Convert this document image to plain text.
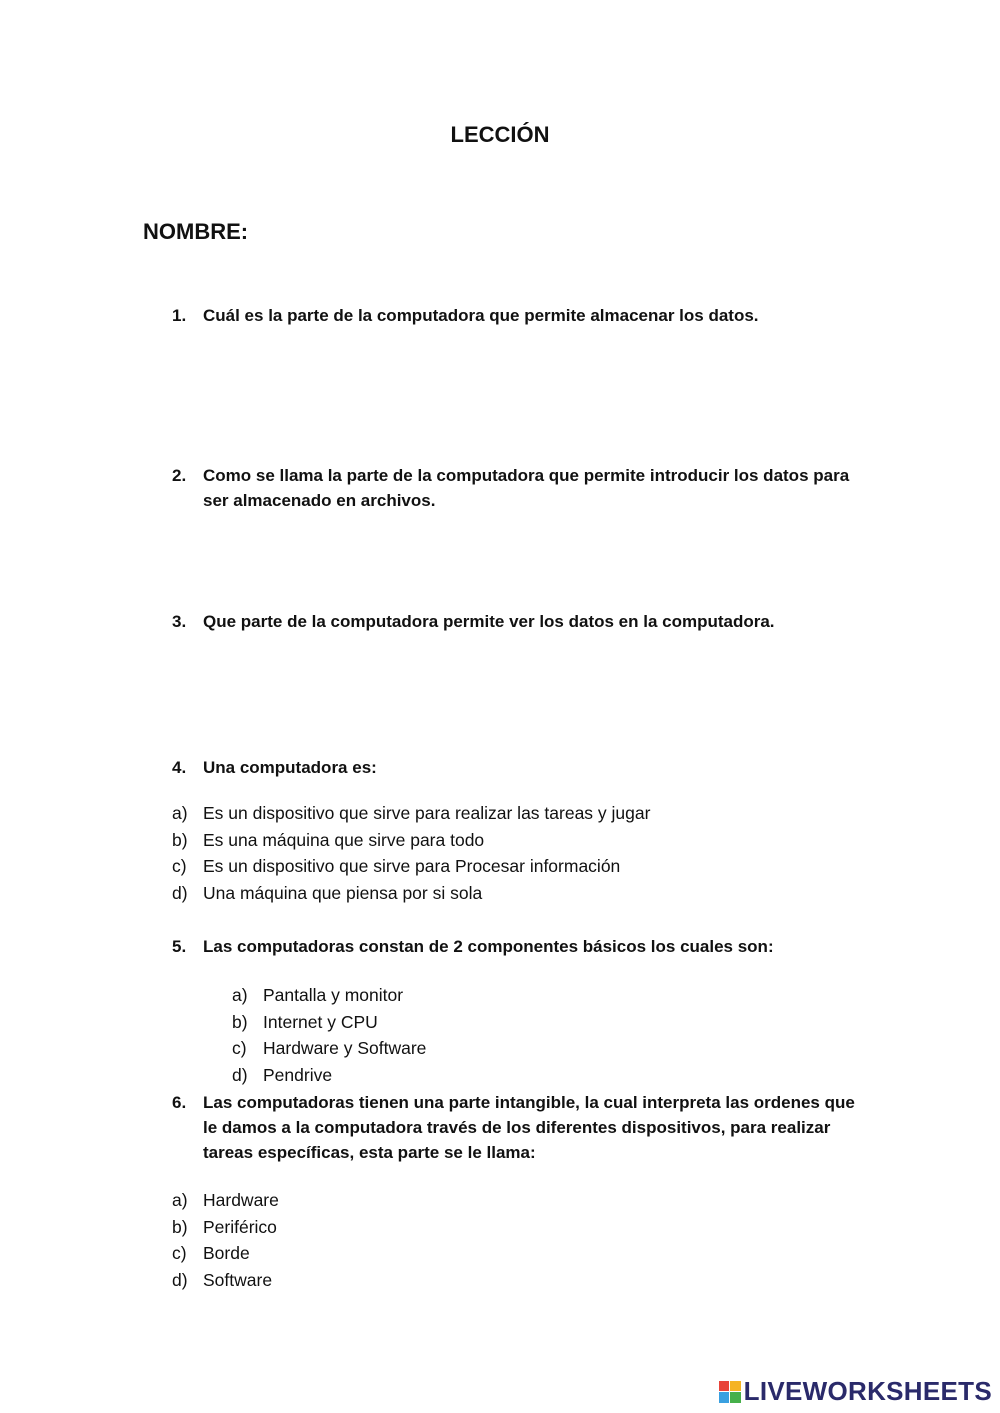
LECCIÓN
NOMBRE:
1. Cuál es la parte de la computadora que permite almacenar los datos.
2. Como se llama la parte de la computadora que permite introducir los datos para ser almacenado en archivos.
3. Que parte de la computadora permite ver los datos en la computadora.
4. Una computadora es:
a) Es un dispositivo que sirve para realizar las tareas y jugar
b) Es una máquina que sirve para todo
c) Es un dispositivo que sirve para Procesar información
d) Una máquina que piensa por si sola
5. Las computadoras constan de 2 componentes básicos los cuales son:
a) Pantalla y monitor
b) Internet y CPU
c) Hardware y Software
d) Pendrive
6. Las computadoras tienen una parte intangible, la cual interpreta las ordenes que le damos a la computadora través de los diferentes dispositivos, para realizar tareas específicas, esta parte se le llama:
a) Hardware
b) Periférico
c) Borde
d) Software
LIVEWORKSHEETS
